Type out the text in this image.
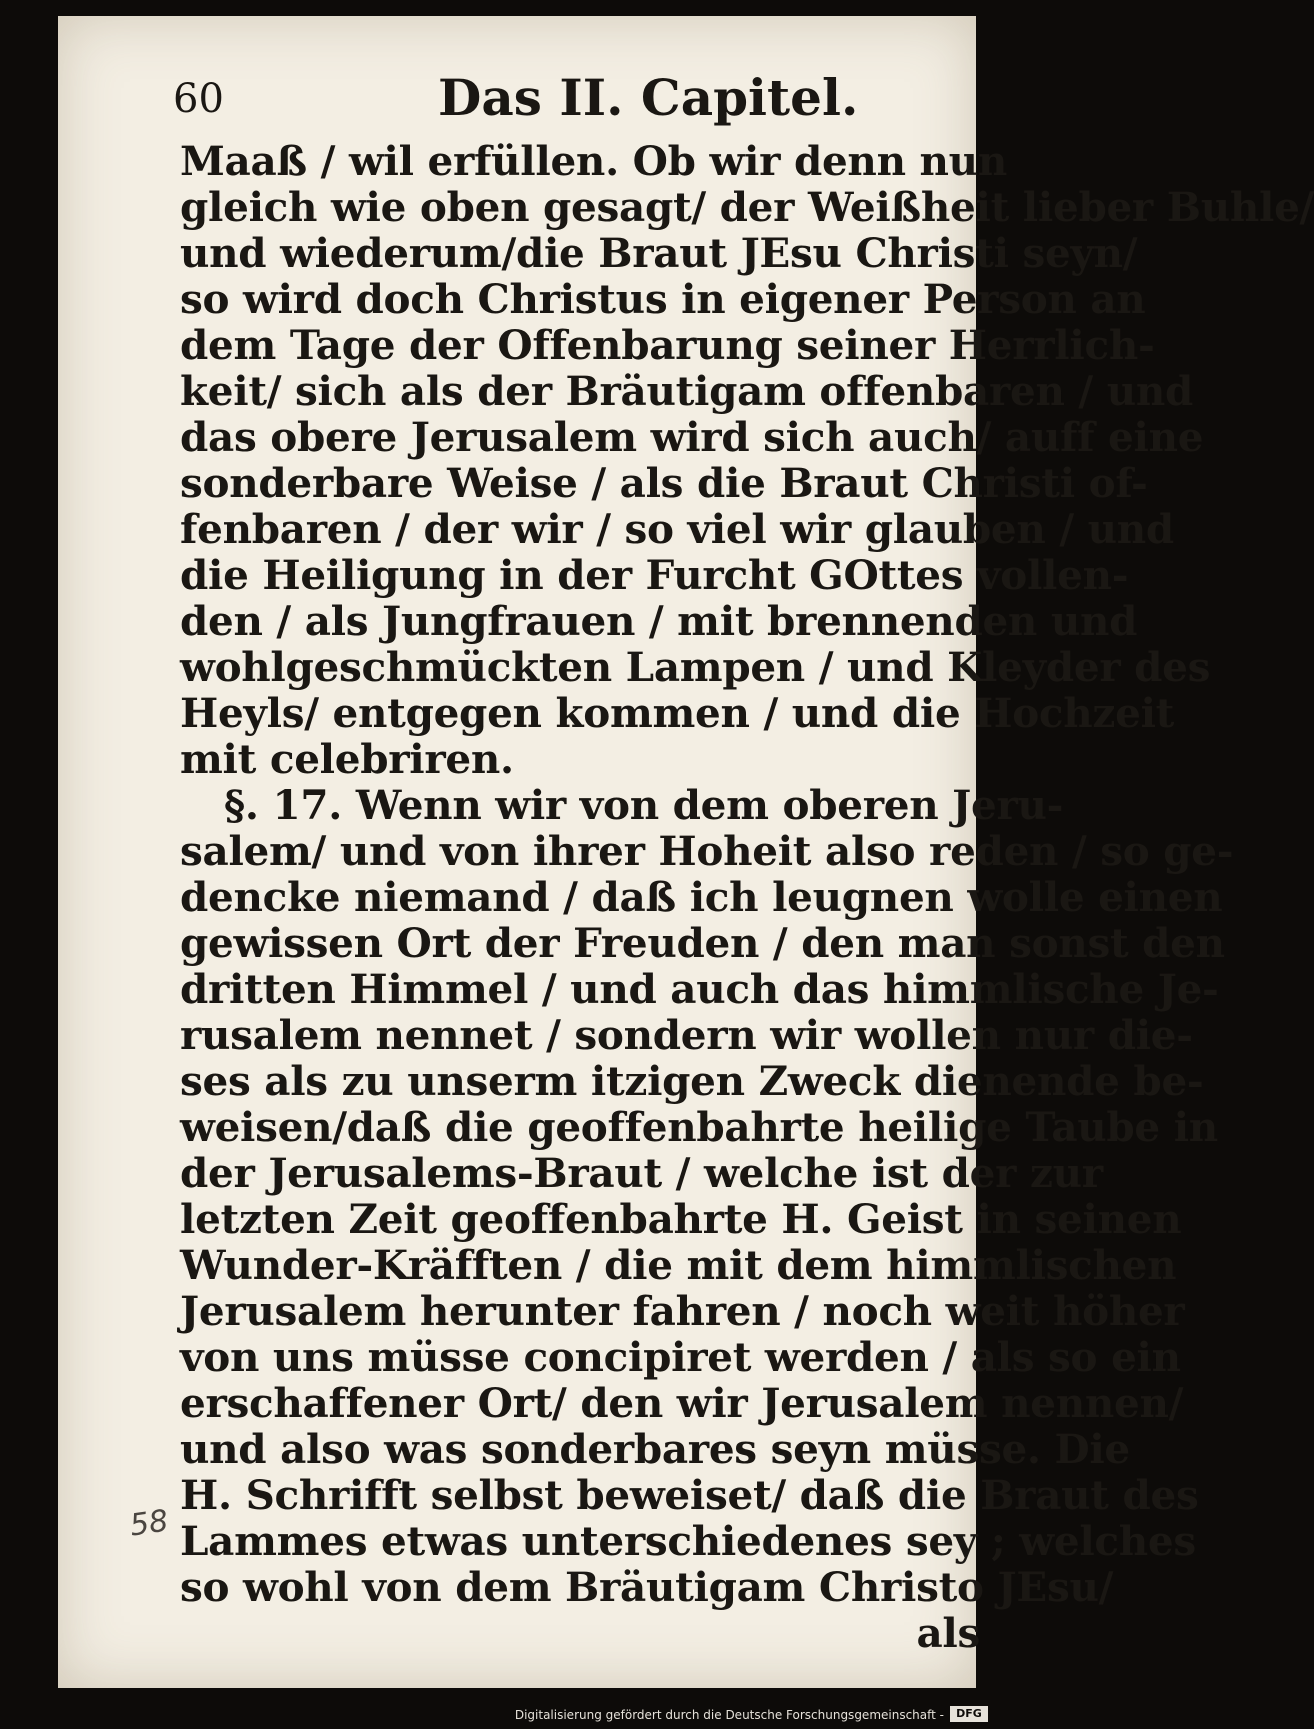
60	Das II. Capitel.
Maaß / wil erfüllen. Ob wir denn nun
gleich wie oben gesagt/ der Weißheit lieber Buhle/
und wiederum/die Braut JEsu Christi seyn/
so wird doch Christus in eigener Person an
dem Tage der Offenbarung seiner Herrlich-
keit/ sich als der Bräutigam offenbaren / und
das obere Jerusalem wird sich auch/ auff eine
sonderbare Weise / als die Braut Christi of-
fenbaren / der wir / so viel wir glauben / und
die Heiligung in der Furcht GOttes vollen-
den / als Jungfrauen / mit brennenden und
wohlgeschmückten Lampen / und Kleyder des
Heyls/ entgegen kommen / und die Hochzeit
mit celebriren.
§. 17. Wenn wir von dem oberen Jeru-
salem/ und von ihrer Hoheit also reden / so ge-
dencke niemand / daß ich leugnen wolle einen
gewissen Ort der Freuden / den man sonst den
dritten Himmel / und auch das himmlische Je-
rusalem nennet / sondern wir wollen nur die-
ses als zu unserm itzigen Zweck dienende be-
weisen/daß die geoffenbahrte heilige Taube in
der Jerusalems-Braut / welche ist der zur
letzten Zeit geoffenbahrte H. Geist in seinen
Wunder-Kräfften / die mit dem himmlischen
Jerusalem herunter fahren / noch weit höher
von uns müsse concipiret werden / als so ein
erschaffener Ort/ den wir Jerusalem nennen/
und also was sonderbares seyn müsse. Die
H. Schrifft selbst beweiset/ daß die Braut des
Lammes etwas unterschiedenes sey ; welches
so wohl von dem Bräutigam Christo JEsu/
als
58
Digitalisierung gefördert durch die Deutsche Forschungsgemeinschaft -	DFG
